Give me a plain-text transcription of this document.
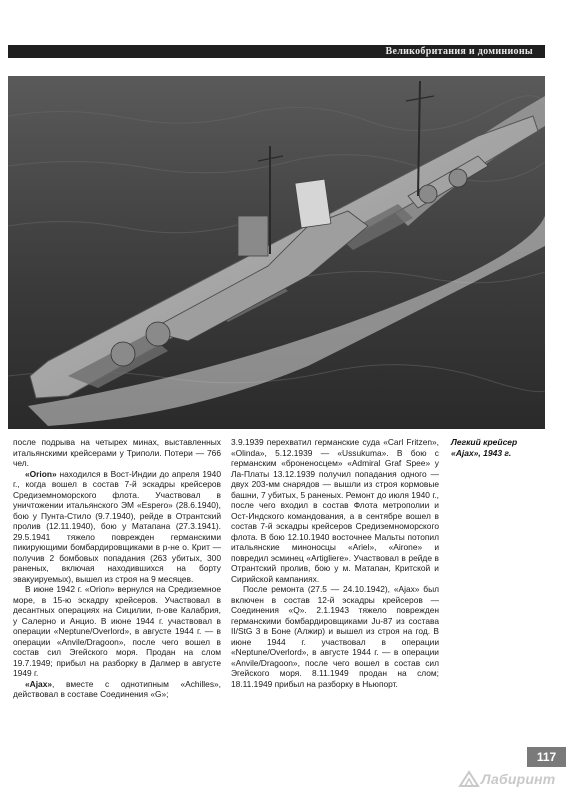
Великобритания и доминионы
Легкий крейсер
«Ajax», 1943 г.

после подрыва на четырех минах, выставленных итальянскими крейсерами у Триполи. Потери — 766 чел.

«Orion» находился в Вост-Индии до апреля 1940 г., когда вошел в состав 7-й эскадры крейсеров Средиземноморского флота. Участвовал в уничтожении итальянского ЭМ «Espero» (28.6.1940), бою у Пунта-Стило (9.7.1940), рейде в Отрантский пролив (12.11.1940), бою у Матапана (27.3.1941). 29.5.1941 тяжело поврежден германскими пикирующими бомбардировщиками в р-не о. Крит — получив 2 бомбовых попадания (263 убитых, 300 раненых, включая находившихся на борту эвакуируемых), вышел из строя на 9 месяцев.

В июне 1942 г. «Orion» вернулся на Средиземное море, в 15-ю эскадру крейсеров. Участвовал в десантных операциях на Сицилии, п-ове Калабрия, у Салерно и Анцио. В июне 1944 г. участвовал в операции «Neptune/Overlord», в августе 1944 г. — в операции «Anvile/Dragoon», после чего вошел в состав сил Эгейского моря. Продан на слом 19.7.1949; прибыл на разборку в Далмер в августе 1949 г.

«Ajax», вместе с однотипным «Achilles», действовал в составе Соединения «G»;

3.9.1939 перехватил германские суда «Carl Fritzen», «Olinda», 5.12.1939 — «Ussukuma». В бою с германским «броненосцем» «Admiral Graf Spee» у Ла-Платы 13.12.1939 получил попадания одного — двух 203-мм снарядов — вышли из строя кормовые башни, 7 убитых, 5 раненых. Ремонт до июля 1940 г., после чего входил в состав Флота метрополии и Ост-Индского командования, а в сентябре вошел в состав 7-й эскадры крейсеров Средиземноморского флота. В бою 12.10.1940 восточнее Мальты потопил итальянские миноносцы «Ariel», «Airone» и повредил эсминец «Artigliere». Участвовал в рейде в Отрантский пролив, бою у м. Матапан, Критской и Сирийской кампаниях.

После ремонта (27.5 — 24.10.1942), «Ajax» был включен в состав 12-й эскадры крейсеров — Соединения «Q». 2.1.1943 тяжело поврежден германскими бомбардировщиками Ju-87 из состава II/StG 3 в Боне (Алжир) и вышел из строя на год. В июне 1944 г. участвовал в операции «Neptune/Overlord», в августе 1944 г. — в операции «Anvile/Dragoon», после чего вошел в состав сил Эгейского моря. 8.11.1949 продан на слом; 18.11.1949 прибыл на разборку в Ньюпорт.

117
Лабиринт
